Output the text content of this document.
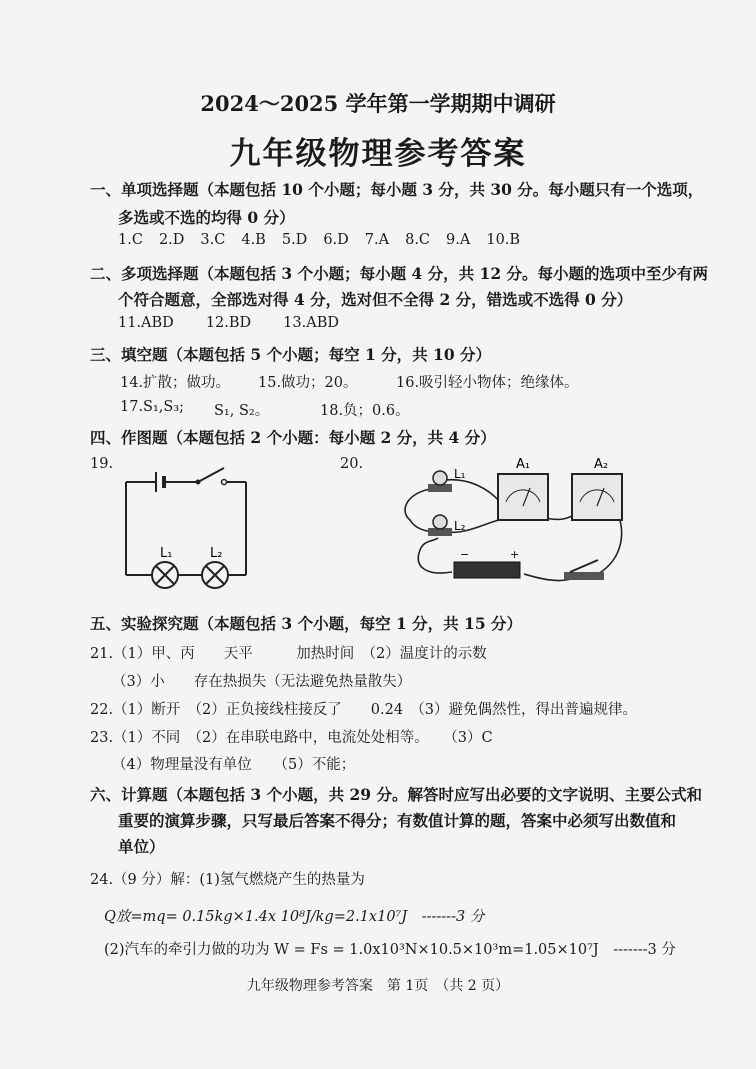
2024～2025 学年第一学期期中调研
九年级物理参考答案
一、单项选择题（本题包括 10 个小题；每小题 3 分，共 30 分。每小题只有一个选项，
多选或不选的均得 0 分）
1.C 2.D 3.C 4.B 5.D 6.D 7.A 8.C 9.A 10.B
二、多项选择题（本题包括 3 个小题；每小题 4 分，共 12 分。每小题的选项中至少有两
个符合题意，全部选对得 4 分，选对但不全得 2 分，错选或不选得 0 分）
11.ABD 12.BD 13.ABD
三、填空题（本题包括 5 个小题；每空 1 分，共 10 分）
14.扩散；做功。 15.做功；20。	16.吸引轻小物体；绝缘体。
17.S₁,S₃; S₁, S₂。	18.负；0.6。
四、作图题（本题包括 2 个小题：每小题 2 分，共 4 分）
19.	20.
L₁	L₂
L₁
L₂
A₁	A₂
−	+
五、实验探究题（本题包括 3 个小题，每空 1 分，共 15 分）
21.（1）甲、丙　　天平　　　加热时间　（2）温度计的示数
（3）小　　存在热损失（无法避免热量散失）
22.（1）断开　（2）正负接线柱接反了　　0.24　（3）避免偶然性，得出普遍规律。
23.（1）不同　（2）在串联电路中，电流处处相等。　　（3）C
（4）物理量没有单位　　（5）不能；
六、计算题（本题包括 3 个小题，共 29 分。解答时应写出必要的文字说明、主要公式和
重要的演算步骤，只写最后答案不得分；有数值计算的题，答案中必须写出数值和
单位）
24.（9 分）解：(1)氢气燃烧产生的热量为
Q放=mq= 0.15kg×1.4x 10⁸J/kg=2.1x10⁷J　-------3 分
(2)汽车的牵引力做的功为 W = Fs = 1.0x10³N×10.5×10³m=1.05×10⁷J　-------3 分
九年级物理参考答案　第 1页　（共 2 页）
